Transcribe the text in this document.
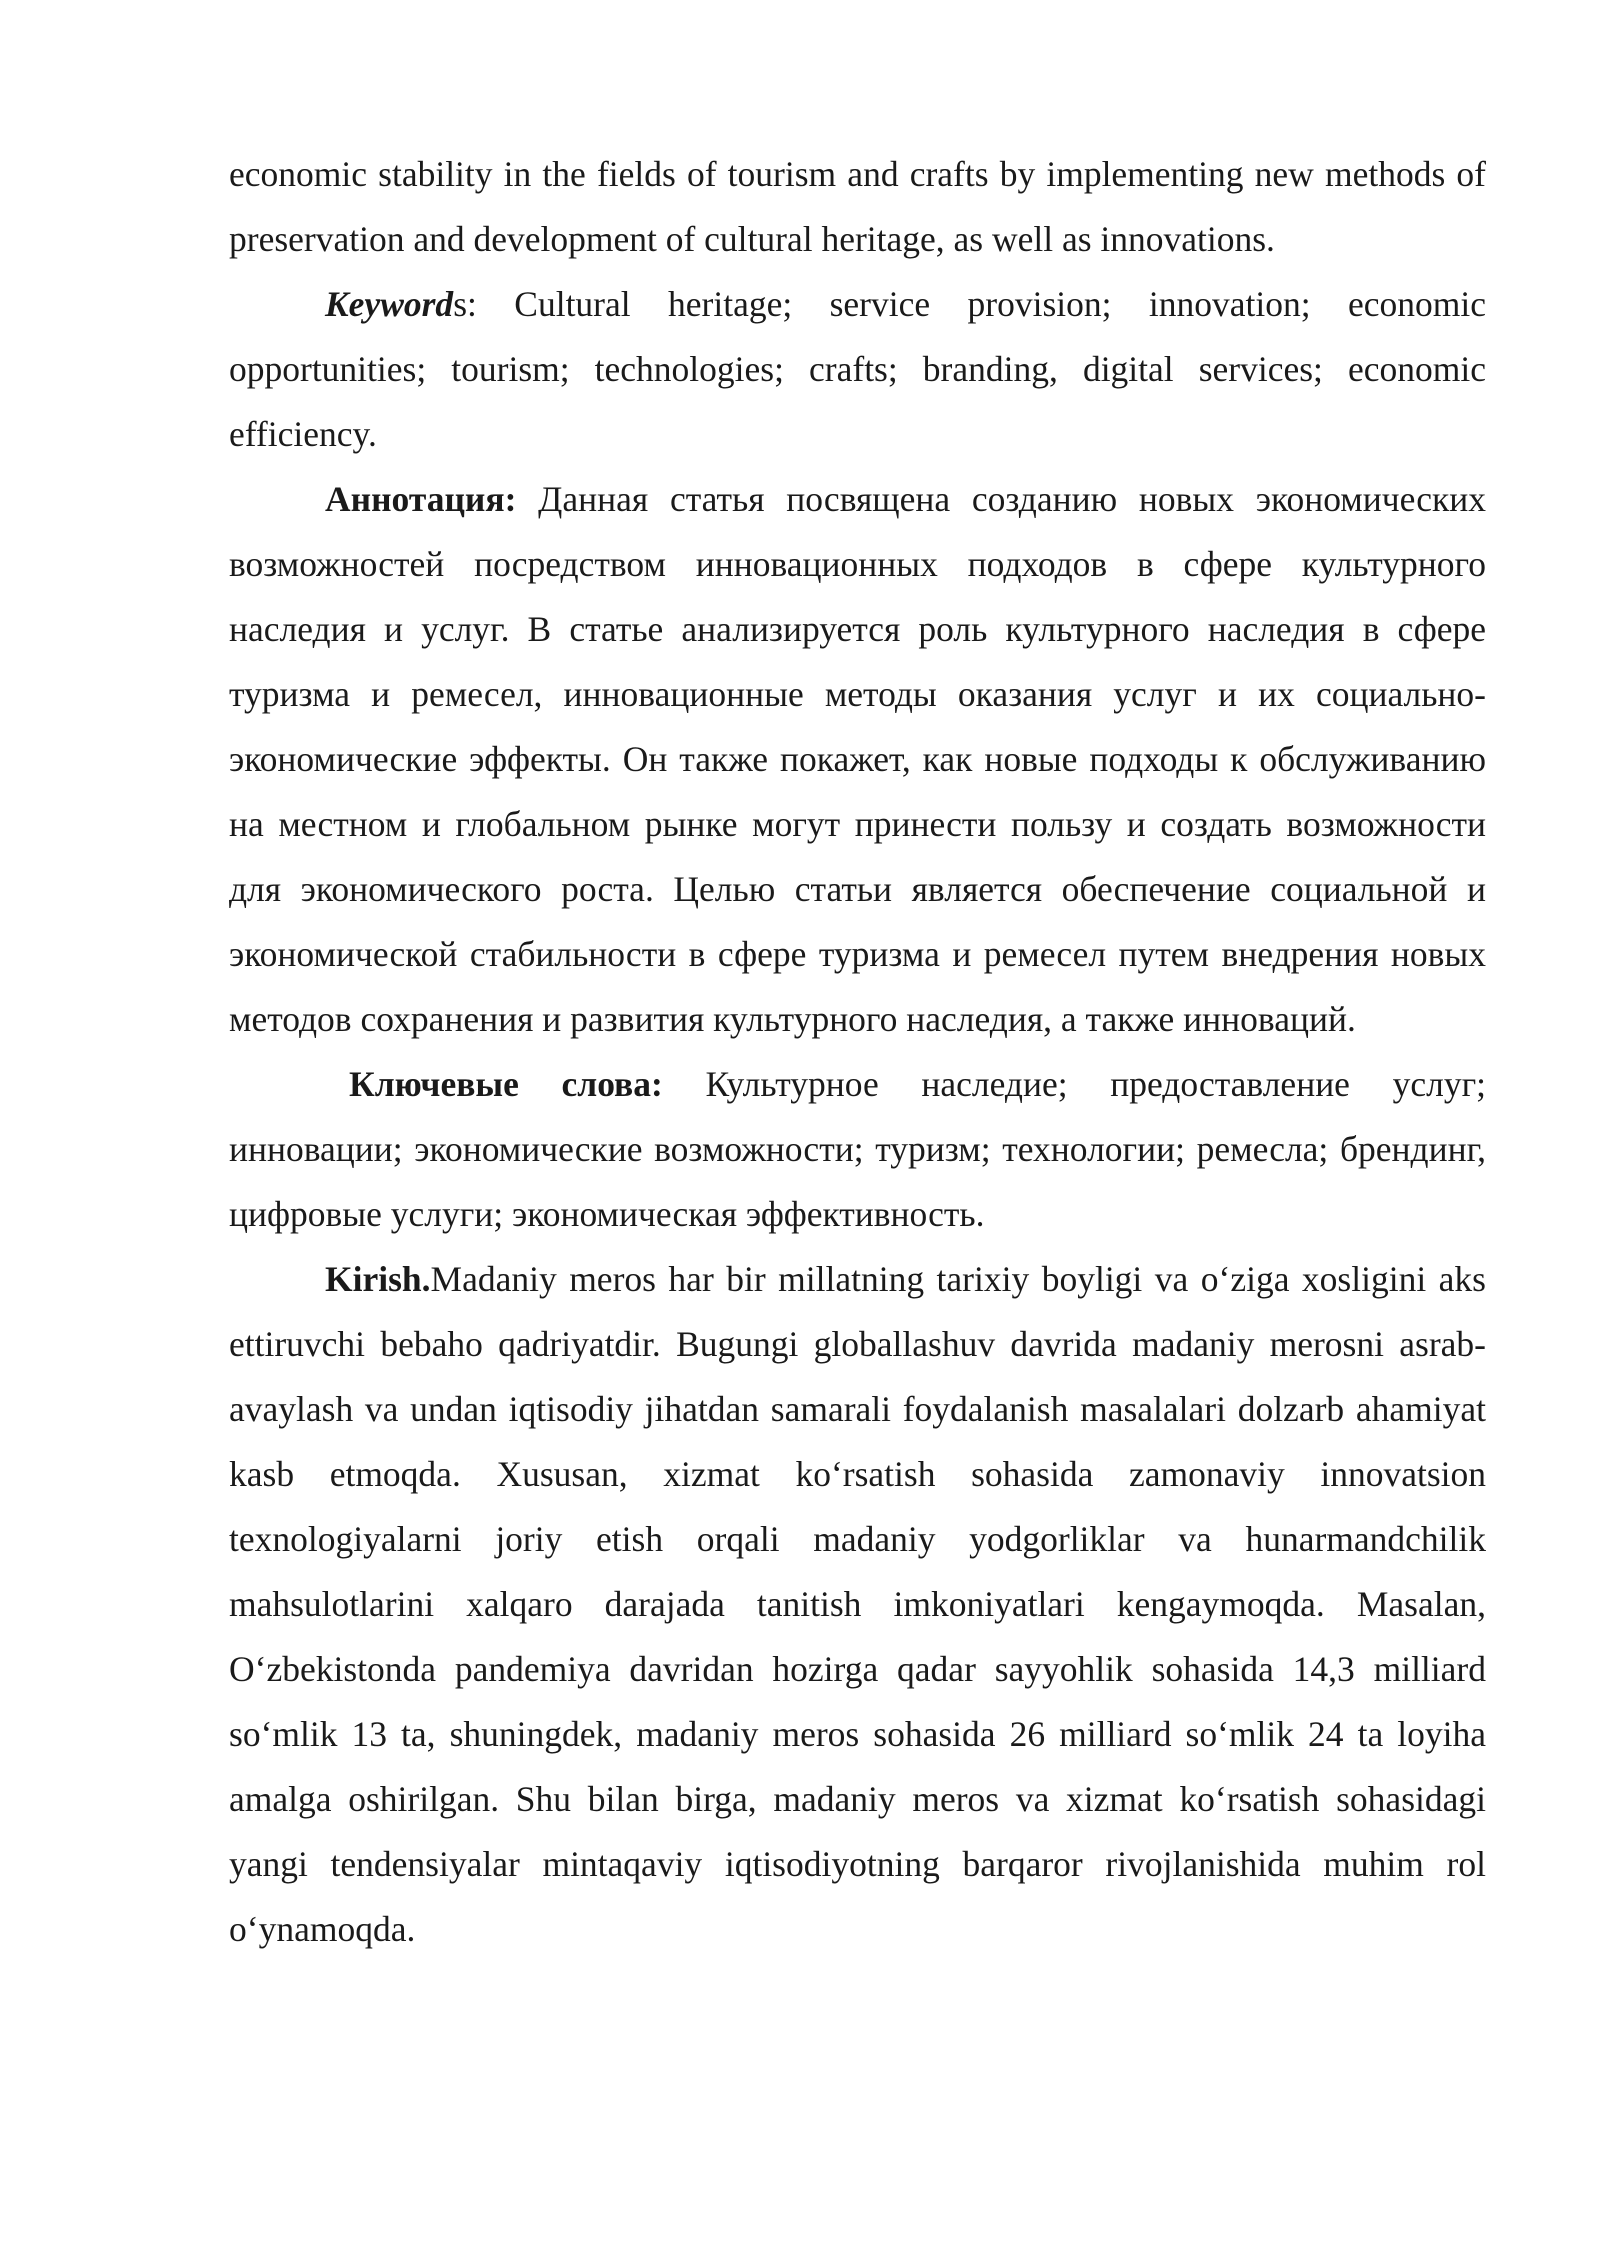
economic stability in the fields of tourism and crafts by implementing new methods of preservation and development of cultural heritage, as well as innovations.

Keywords: Cultural heritage; service provision; innovation; economic opportunities; tourism; technologies; crafts; branding, digital services; economic efficiency.

Аннотация: Данная статья посвящена созданию новых экономических возможностей посредством инновационных подходов в сфере культурного наследия и услуг. В статье анализируется роль культурного наследия в сфере туризма и ремесел, инновационные методы оказания услуг и их социально-экономические эффекты. Он также покажет, как новые подходы к обслуживанию на местном и глобальном рынке могут принести пользу и создать возможности для экономического роста. Целью статьи является обеспечение социальной и экономической стабильности в сфере туризма и ремесел путем внедрения новых методов сохранения и развития культурного наследия, а также инноваций.

Ключевые слова: Культурное наследие; предоставление услуг; инновации; экономические возможности; туризм; технологии; ремесла; брендинг, цифровые услуги; экономическая эффективность.

Kirish.Madaniy meros har bir millatning tarixiy boyligi va o‘ziga xosligini aks ettiruvchi bebaho qadriyatdir. Bugungi globallashuv davrida madaniy merosni asrab-avaylash va undan iqtisodiy jihatdan samarali foydalanish masalalari dolzarb ahamiyat kasb etmoqda. Xususan, xizmat ko‘rsatish sohasida zamonaviy innovatsion texnologiyalarni joriy etish orqali madaniy yodgorliklar va hunarmandchilik mahsulotlarini xalqaro darajada tanitish imkoniyatlari kengaymoqda. Masalan, O‘zbekistonda pandemiya davridan hozirga qadar sayyohlik sohasida 14,3 milliard so‘mlik 13 ta, shuningdek, madaniy meros sohasida 26 milliard so‘mlik 24 ta loyiha amalga oshirilgan. Shu bilan birga, madaniy meros va xizmat ko‘rsatish sohasidagi yangi tendensiyalar mintaqaviy iqtisodiyotning barqaror rivojlanishida muhim rol o‘ynamoqda.
